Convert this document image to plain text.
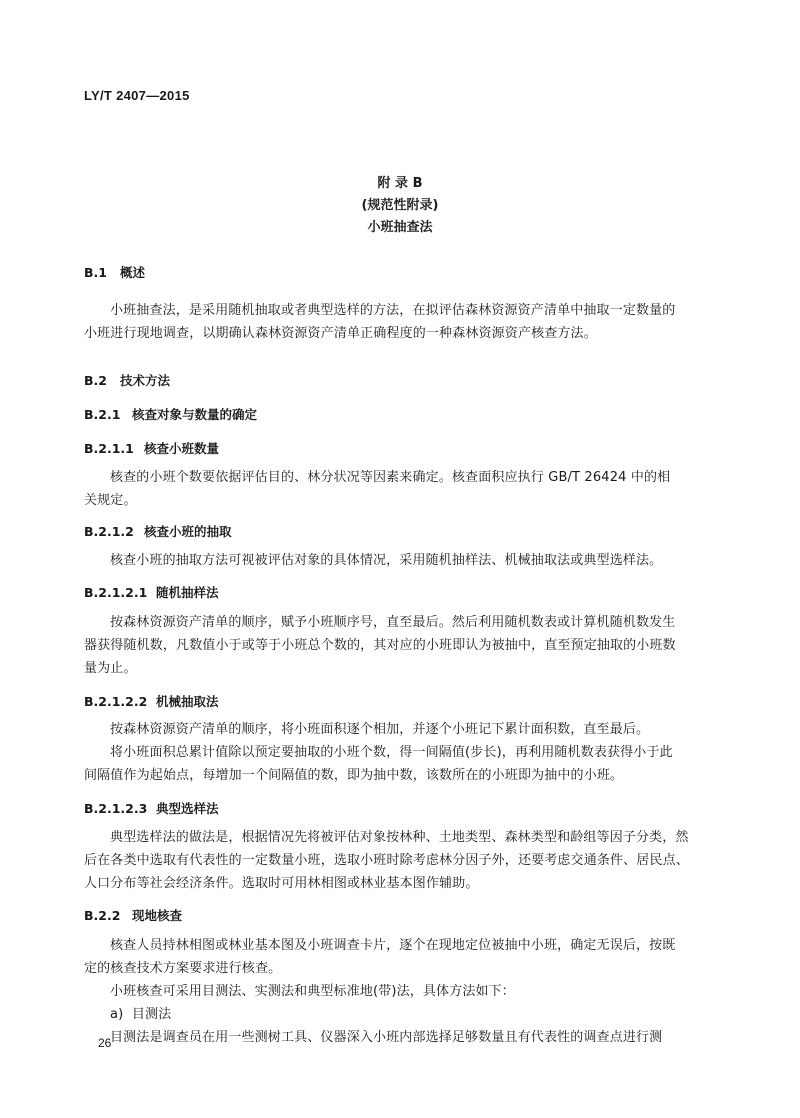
LY/T 2407—2015
附 录 B
(规范性附录)
小班抽查法
B.1 概述

小班抽查法，是采用随机抽取或者典型选样的方法，在拟评估森林资源资产清单中抽取一定数量的

小班进行现地调查，以期确认森林资源资产清单正确程度的一种森林资源资产核查方法。

B.2 技术方法
B.2.1 核查对象与数量的确定
B.2.1.1 核查小班数量

核查的小班个数要依据评估目的、林分状况等因素来确定。核查面积应执行 GB/T 26424 中的相

关规定。

B.2.1.2 核查小班的抽取

核查小班的抽取方法可视被评估对象的具体情况，采用随机抽样法、机械抽取法或典型选样法。

B.2.1.2.1 随机抽样法

按森林资源资产清单的顺序，赋予小班顺序号，直至最后。然后利用随机数表或计算机随机数发生

器获得随机数，凡数值小于或等于小班总个数的，其对应的小班即认为被抽中，直至预定抽取的小班数

量为止。

B.2.1.2.2 机械抽取法

按森林资源资产清单的顺序，将小班面积逐个相加，并逐个小班记下累计面积数，直至最后。

将小班面积总累计值除以预定要抽取的小班个数，得一间隔值(步长)，再利用随机数表获得小于此

间隔值作为起始点，每增加一个间隔值的数，即为抽中数，该数所在的小班即为抽中的小班。

B.2.1.2.3 典型选样法

典型选样法的做法是，根据情况先将被评估对象按林种、土地类型、森林类型和龄组等因子分类，然

后在各类中选取有代表性的一定数量小班，选取小班时除考虑林分因子外，还要考虑交通条件、居民点、

人口分布等社会经济条件。选取时可用林相图或林业基本图作辅助。

B.2.2 现地核查

核查人员持林相图或林业基本图及小班调查卡片，逐个在现地定位被抽中小班，确定无误后，按既

定的核查技术方案要求进行核查。

小班核查可采用目测法、实测法和典型标准地(带)法，具体方法如下：

a)  目测法

目测法是调查员在用一些测树工具、仪器深入小班内部选择足够数量且有代表性的调查点进行测

26
